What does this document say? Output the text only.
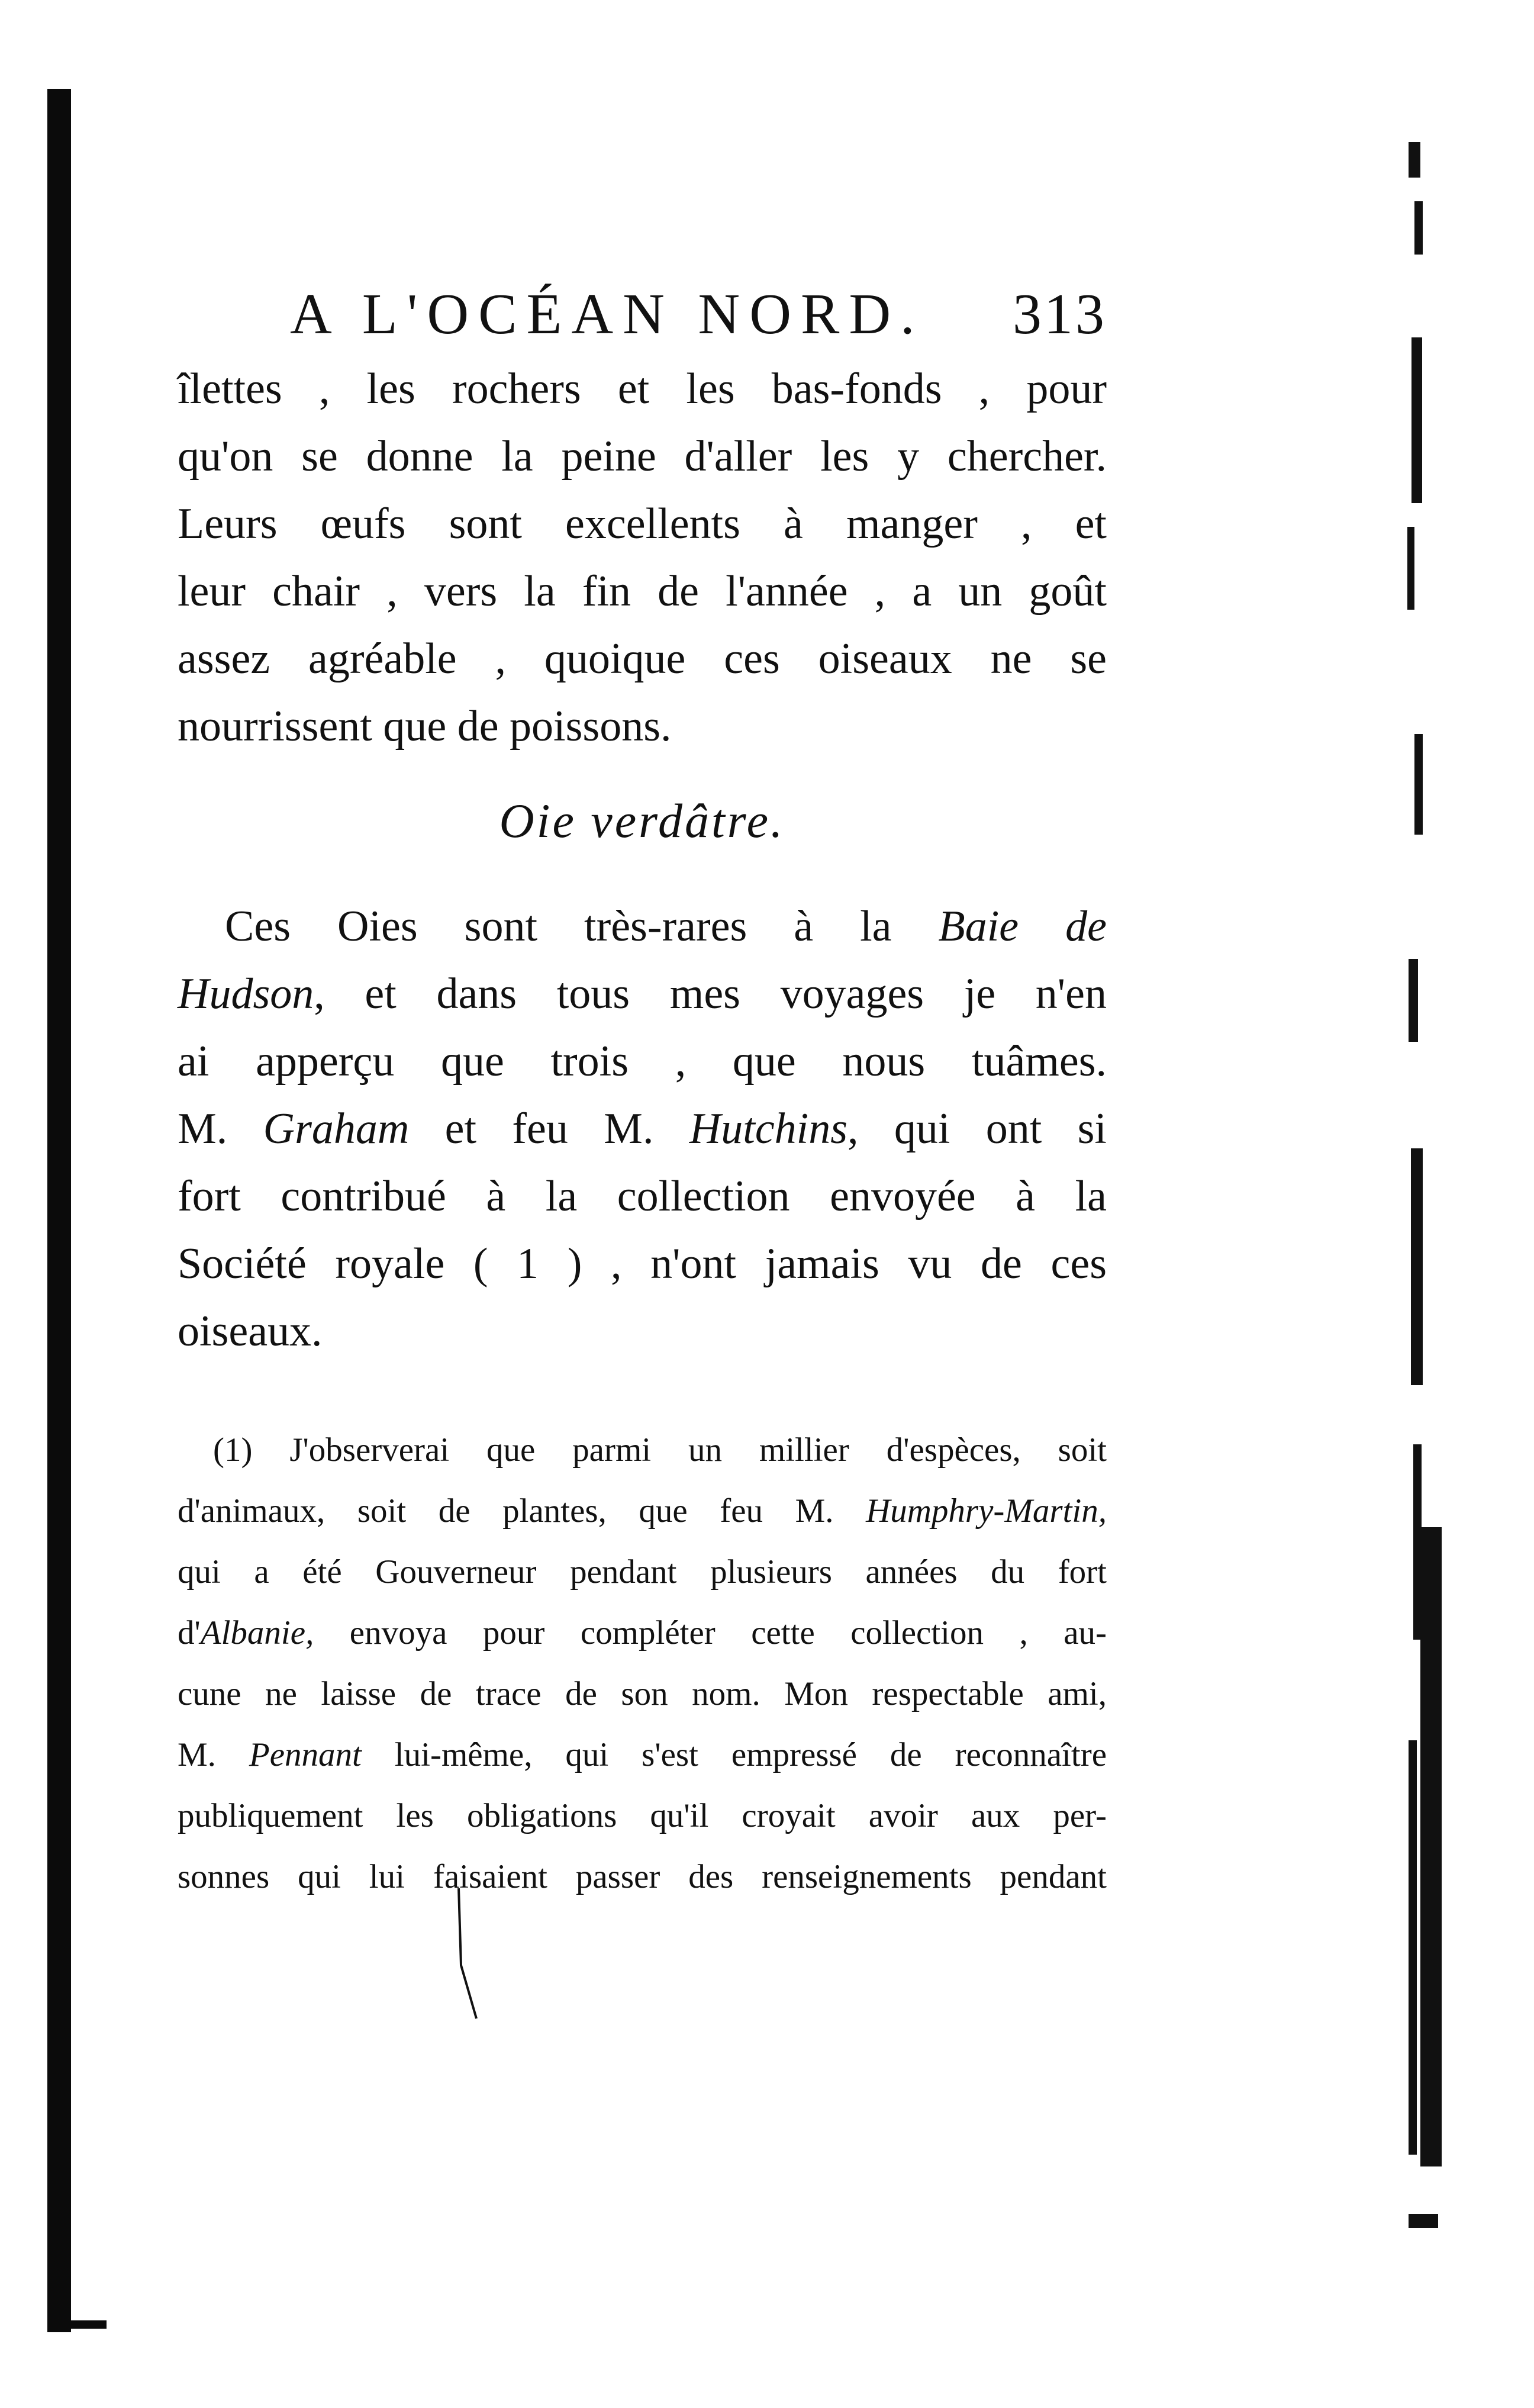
A L'OCÉAN NORD. 313
îlettes , les rochers et les bas-fonds , pour
qu'on se donne la peine d'aller les y chercher.
Leurs œufs sont excellents à manger , et
leur chair , vers la fin de l'année , a un goût
assez agréable , quoique ces oiseaux ne se
nourrissent que de poissons.
Oie verdâtre.
Ces Oies sont très-rares à la Baie de
Hudson, et dans tous mes voyages je n'en
ai apperçu que trois , que nous tuâmes.
M. Graham et feu M. Hutchins, qui ont si
fort contribué à la collection envoyée à la
Société royale ( 1 ) , n'ont jamais vu de ces
oiseaux.
(1) J'observerai que parmi un millier d'espèces, soit
d'animaux, soit de plantes, que feu M. Humphry-Martin,
qui a été Gouverneur pendant plusieurs années du fort
d'Albanie, envoya pour compléter cette collection , au-
cune ne laisse de trace de son nom. Mon respectable ami,
M. Pennant lui-même, qui s'est empressé de reconnaître
publiquement les obligations qu'il croyait avoir aux per-
sonnes qui lui faisaient passer des renseignements pendant
